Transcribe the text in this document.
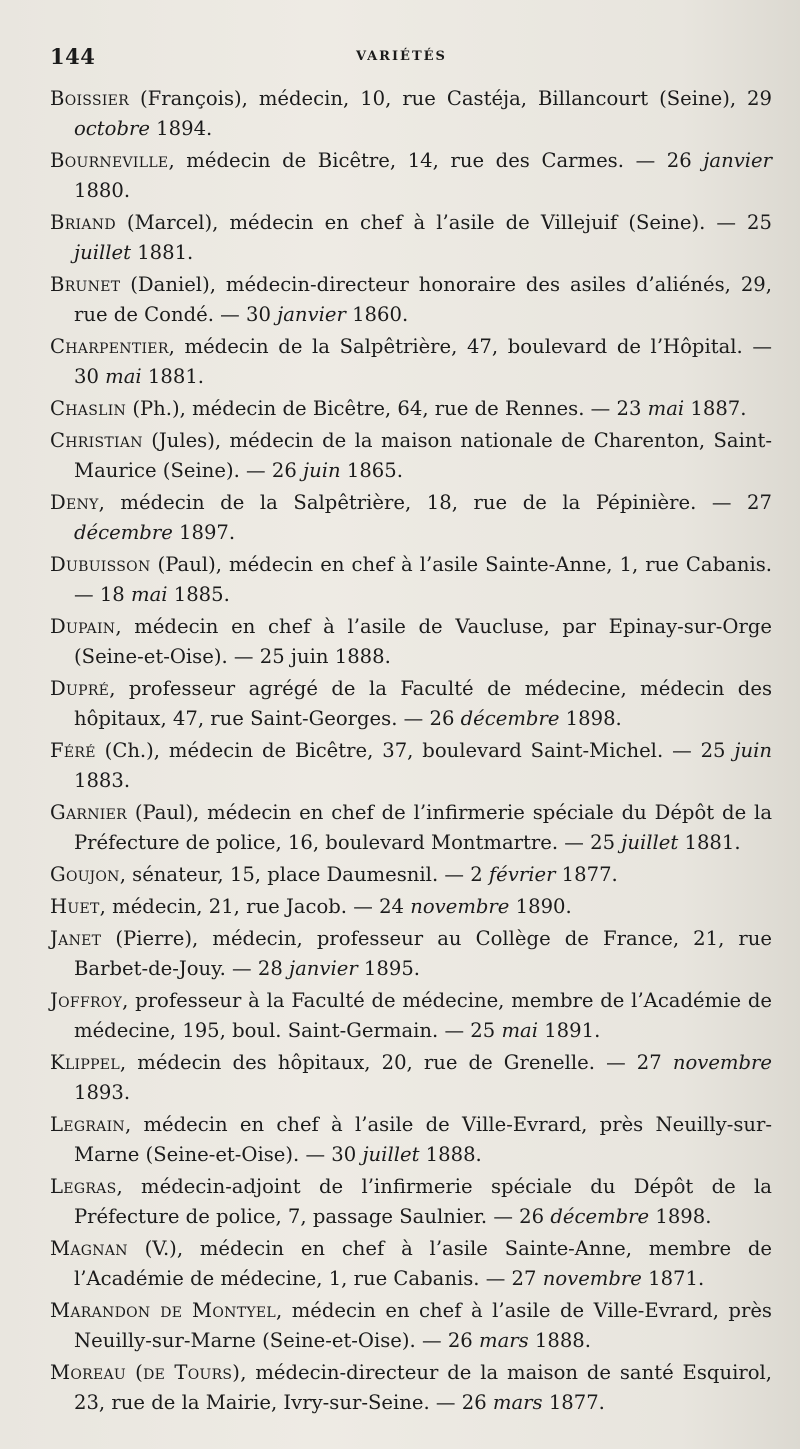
144	VARIÉTÉS

Boissier (François), médecin, 10, rue Castéja, Billancourt (Seine), 29 octobre 1894.

Bourneville, médecin de Bicêtre, 14, rue des Carmes. — 26 janvier 1880.

Briand (Marcel), médecin en chef à l’asile de Villejuif (Seine). — 25 juillet 1881.

Brunet (Daniel), médecin-directeur honoraire des asiles d’aliénés, 29, rue de Condé. — 30 janvier 1860.

Charpentier, médecin de la Salpêtrière, 47, boulevard de l’Hôpital. — 30 mai 1881.

Chaslin (Ph.), médecin de Bicêtre, 64, rue de Rennes. — 23 mai 1887.

Christian (Jules), médecin de la maison nationale de Charenton, Saint-Maurice (Seine). — 26 juin 1865.

Deny, médecin de la Salpêtrière, 18, rue de la Pépinière. — 27 décembre 1897.

Dubuisson (Paul), médecin en chef à l’asile Sainte-Anne, 1, rue Cabanis. — 18 mai 1885.

Dupain, médecin en chef à l’asile de Vaucluse, par Epinay-sur-Orge (Seine-et-Oise). — 25 juin 1888.

Dupré, professeur agrégé de la Faculté de médecine, médecin des hôpitaux, 47, rue Saint-Georges. — 26 décembre 1898.

Féré (Ch.), médecin de Bicêtre, 37, boulevard Saint-Michel. — 25 juin 1883.

Garnier (Paul), médecin en chef de l’infirmerie spéciale du Dépôt de la Préfecture de police, 16, boulevard Montmartre. — 25 juillet 1881.

Goujon, sénateur, 15, place Daumesnil. — 2 février 1877.

Huet, médecin, 21, rue Jacob. — 24 novembre 1890.

Janet (Pierre), médecin, professeur au Collège de France, 21, rue Barbet-de-Jouy. — 28 janvier 1895.

Joffroy, professeur à la Faculté de médecine, membre de l’Académie de médecine, 195, boul. Saint-Germain. — 25 mai 1891.

Klippel, médecin des hôpitaux, 20, rue de Grenelle. — 27 novembre 1893.

Legrain, médecin en chef à l’asile de Ville-Evrard, près Neuilly-sur-Marne (Seine-et-Oise). — 30 juillet 1888.

Legras, médecin-adjoint de l’infirmerie spéciale du Dépôt de la Préfecture de police, 7, passage Saulnier. — 26 décembre 1898.

Magnan (V.), médecin en chef à l’asile Sainte-Anne, membre de l’Académie de médecine, 1, rue Cabanis. — 27 novembre 1871.

Marandon de Montyel, médecin en chef à l’asile de Ville-Evrard, près Neuilly-sur-Marne (Seine-et-Oise). — 26 mars 1888.

Moreau (de Tours), médecin-directeur de la maison de santé Esquirol, 23, rue de la Mairie, Ivry-sur-Seine. — 26 mars 1877.
